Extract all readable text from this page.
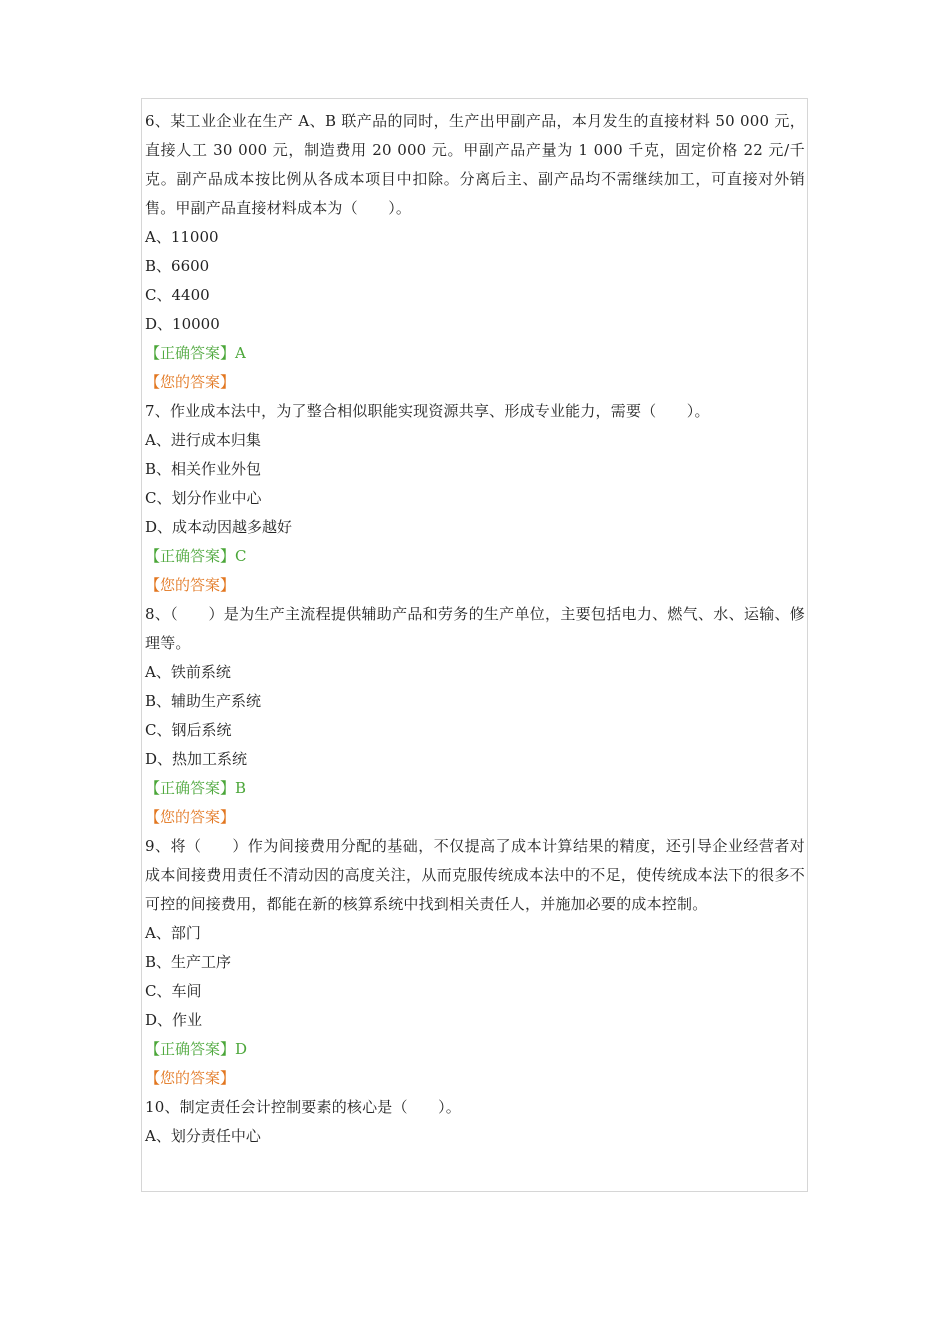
6、某工业企业在生产 A、B 联产品的同时，生产出甲副产品，本月发生的直接材料 50 000 元，直接人工 30 000 元，制造费用 20 000 元。甲副产品产量为 1 000 千克，固定价格 22 元/千克。副产品成本按比例从各成本项目中扣除。分离后主、副产品均不需继续加工，可直接对外销售。甲副产品直接材料成本为（　　）。
A、11000
B、6600
C、4400
D、10000
【正确答案】A
【您的答案】
7、作业成本法中，为了整合相似职能实现资源共享、形成专业能力，需要（　　）。
A、进行成本归集
B、相关作业外包
C、划分作业中心
D、成本动因越多越好
【正确答案】C
【您的答案】
8、（　　）是为生产主流程提供辅助产品和劳务的生产单位，主要包括电力、燃气、水、运输、修理等。
A、铁前系统
B、辅助生产系统
C、钢后系统
D、热加工系统
【正确答案】B
【您的答案】
9、将（　　）作为间接费用分配的基础，不仅提高了成本计算结果的精度，还引导企业经营者对成本间接费用责任不清动因的高度关注，从而克服传统成本法中的不足，使传统成本法下的很多不可控的间接费用，都能在新的核算系统中找到相关责任人，并施加必要的成本控制。
A、部门
B、生产工序
C、车间
D、作业
【正确答案】D
【您的答案】
10、制定责任会计控制要素的核心是（　　）。
A、划分责任中心
